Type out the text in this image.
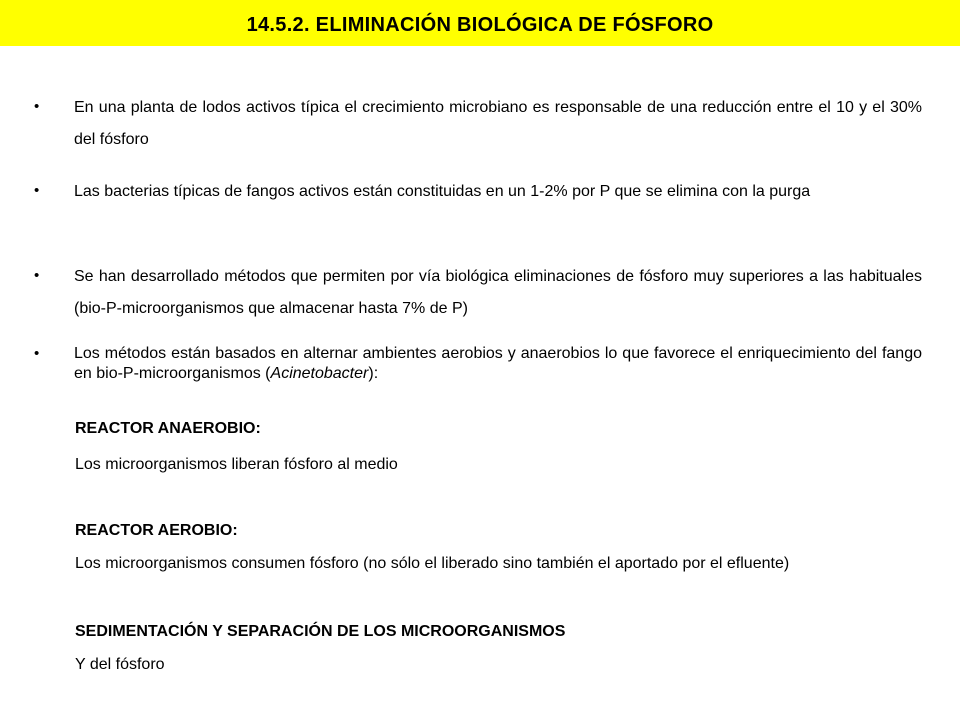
14.5.2. ELIMINACIÓN BIOLÓGICA DE FÓSFORO
•	En una planta de lodos activos típica el crecimiento microbiano es responsable de una reducción entre el 10 y el 30% del fósforo
•	Las bacterias típicas de fangos activos están constituidas en un 1-2% por P que se elimina con la purga
•	Se han desarrollado métodos que permiten por vía biológica eliminaciones de fósforo muy superiores a las habituales (bio-P-microorganismos que almacenar hasta 7% de P)
•	Los métodos están basados en alternar ambientes aerobios y anaerobios lo que favorece el enriquecimiento del fango en bio-P-microorganismos (Acinetobacter):
REACTOR ANAEROBIO:
Los microorganismos liberan fósforo al medio
REACTOR AEROBIO:
Los microorganismos consumen fósforo (no sólo el liberado sino también el aportado por el efluente)
SEDIMENTACIÓN Y SEPARACIÓN DE LOS MICROORGANISMOS
Y del fósforo
